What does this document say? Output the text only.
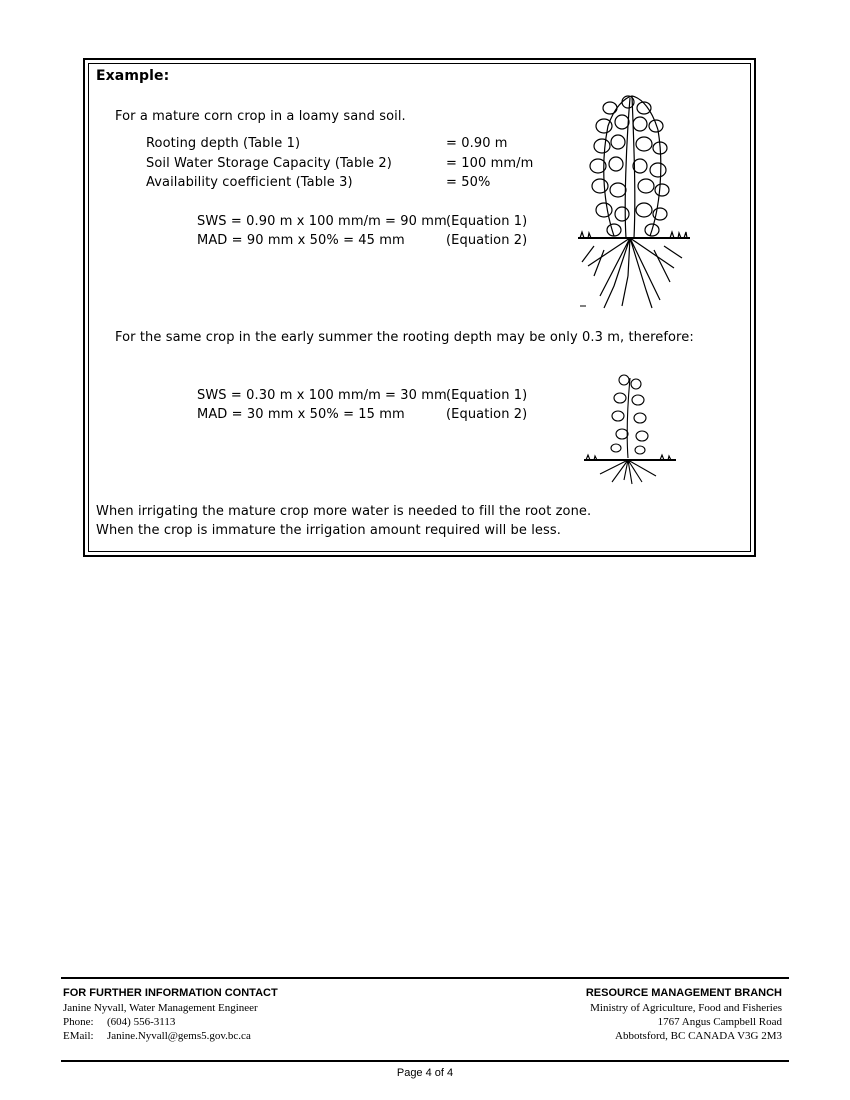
Example:
For a mature corn crop in a loamy sand soil.
Rooting depth (Table 1)	= 0.90 m
Soil Water Storage Capacity (Table 2)	= 100 mm/m
Availability coefficient (Table 3)	= 50%
SWS = 0.90 m x 100 mm/m = 90 mm (Equation 1)
MAD = 90 mm x 50% = 45 mm	(Equation 2)
For the same crop in the early summer the rooting depth may be only 0.3 m, therefore:
SWS = 0.30 m x 100 mm/m = 30 mm (Equation 1)
MAD = 30 mm x 50% = 15 mm	(Equation 2)
When irrigating the mature crop more water is needed to fill the root zone.
When the crop is immature the irrigation amount required will be less.
FOR FURTHER INFORMATION CONTACT
Janine Nyvall, Water Management Engineer
Phone: (604) 556-3113
EMail: Janine.Nyvall@gems5.gov.bc.ca
RESOURCE MANAGEMENT BRANCH
Ministry of Agriculture, Food and Fisheries
1767 Angus Campbell Road
Abbotsford, BC CANADA V3G 2M3
Page 4 of 4
